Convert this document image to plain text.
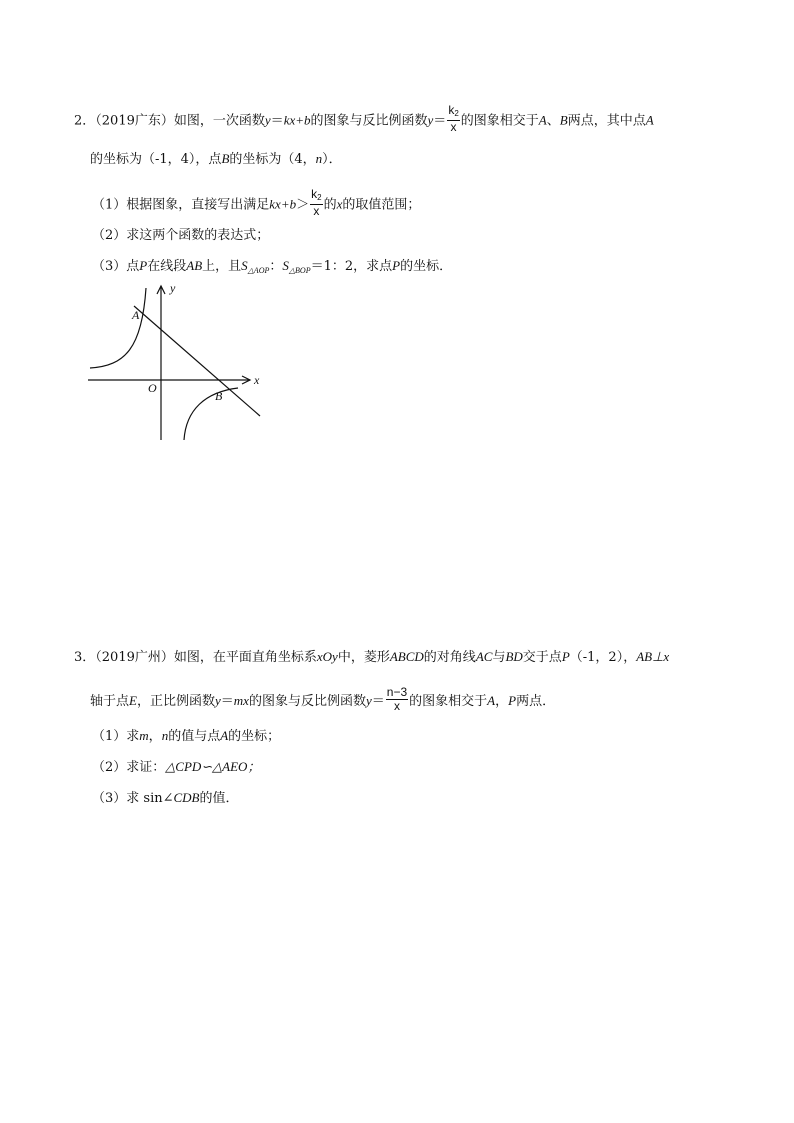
2．（2019广东）如图，一次函数y＝kx+b的图象与反比例函数$y= \frac{k_2}{x}$ 的图象相交于A、B两点，其中点A
的坐标为（-1，4），点B的坐标为（4，n）．
（1）根据图象，直接写出满足$kx+b> \frac{k_2}{x}$ 的x的取值范围；
（2）求这两个函数的表达式；
（3）点P在线段AB上，且$S_{\triangle AOP}$：$S_{\triangle BOP}=1$：2，求点P的坐标．
y
x
A
B
O
3．（2019广州）如图，在平面直角坐标系xOy中，菱形ABCD的对角线AC与BD交于点P（-1，2），AB⊥x
轴于点E，正比例函数y＝mx的图象与反比例函数$y= \frac{n-3}{x}$ 的图象相交于A，P两点．
（1）求m，n的值与点A的坐标；
（2）求证：△CPD∽△AEO；
（3）求 sin∠CDB的值．
